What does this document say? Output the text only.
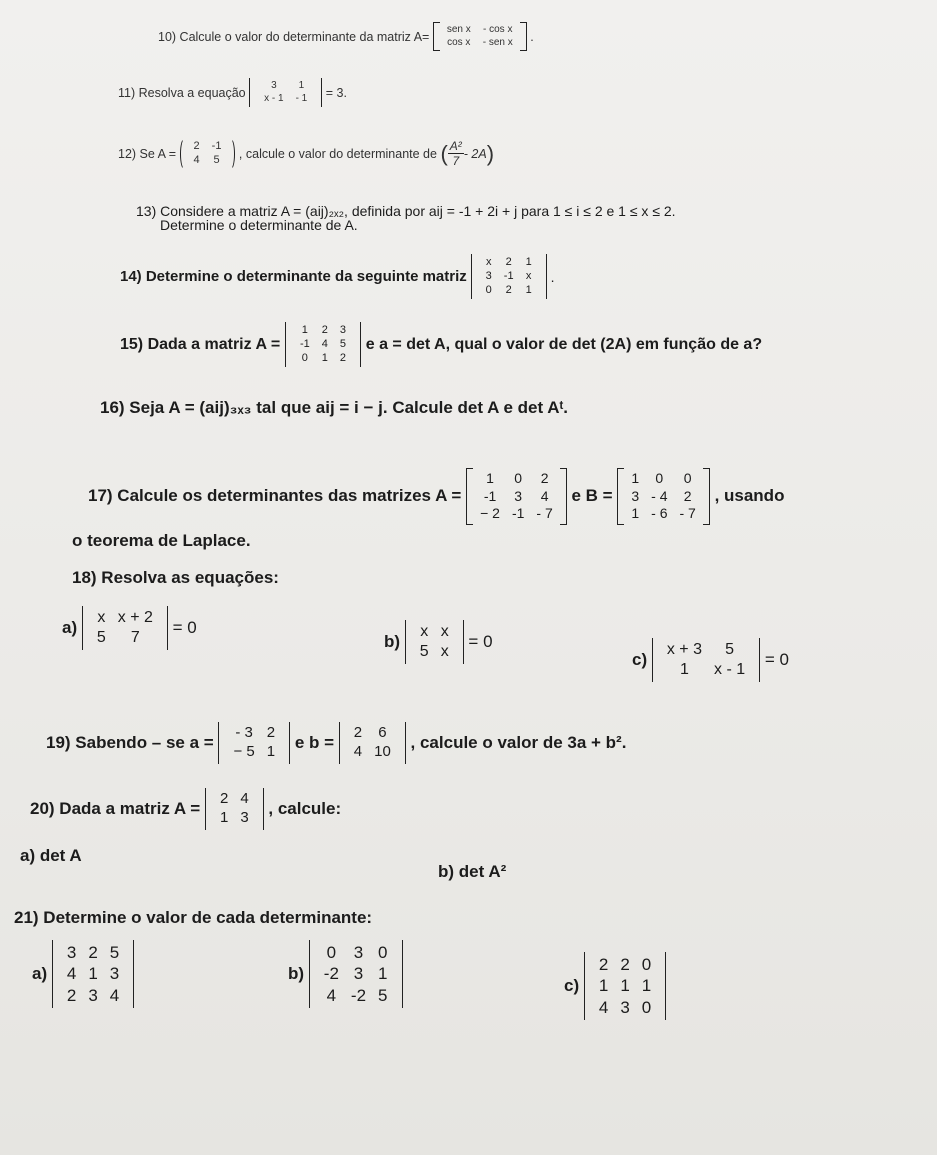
10) Calcule o valor do determinante da matriz A= sen x	- cos x
cos x	- sen x .
11) Resolva a equação	3	1
x - 1	- 1 = 3.
12) Se A =
2	-1
4	5 , calcule o valor do determinante de ( $\frac{\text{A²}}{7} - 2A$)
13) Considere a matriz A = (aij)₂ₓ₂, definida por aij = -1 + 2i + j para 1 ≤ i ≤ 2 e 1 ≤ x ≤ 2.
Determine o determinante de A.
14) Determine o determinante da seguinte matriz
x	2	1
3	-1	x
0	2	1
.
15) Dada a matriz A =
1	2	3
-1	4	5
0	1	2
e a = det A, qual o valor de det (2A) em função de a?
16) Seja A = (aij)₃ₓ₃ tal que aij = i − j. Calcule det A e det Aᵗ.
17) Calcule os determinantes das matrizes A =
1	0	2
-1	3	4
− 2	-1	- 7
e B =
1	0	0
3	- 4	2
1	- 6	- 7
, usando
o teorema de Laplace.
18) Resolva as equações:
a)
x	x + 2
5	7
= 0
b)
x	x
5	x
= 0
c)
x + 3	5
1	x - 1
= 0
19) Sabendo – se a =
- 3	2
− 5	1 e b =
2	6
4	10 , calcule o valor de 3a + b².
20) Dada a matriz A =
2	4
1	3 , calcule:
a) det A
b) det A²
21) Determine o valor de cada determinante:
a)
3	2	5
4	1	3
2	3	4
b)
0	3	0
-2	3	1
4	-2	5
c)
2	2	0
1	1	1
4	3	0
